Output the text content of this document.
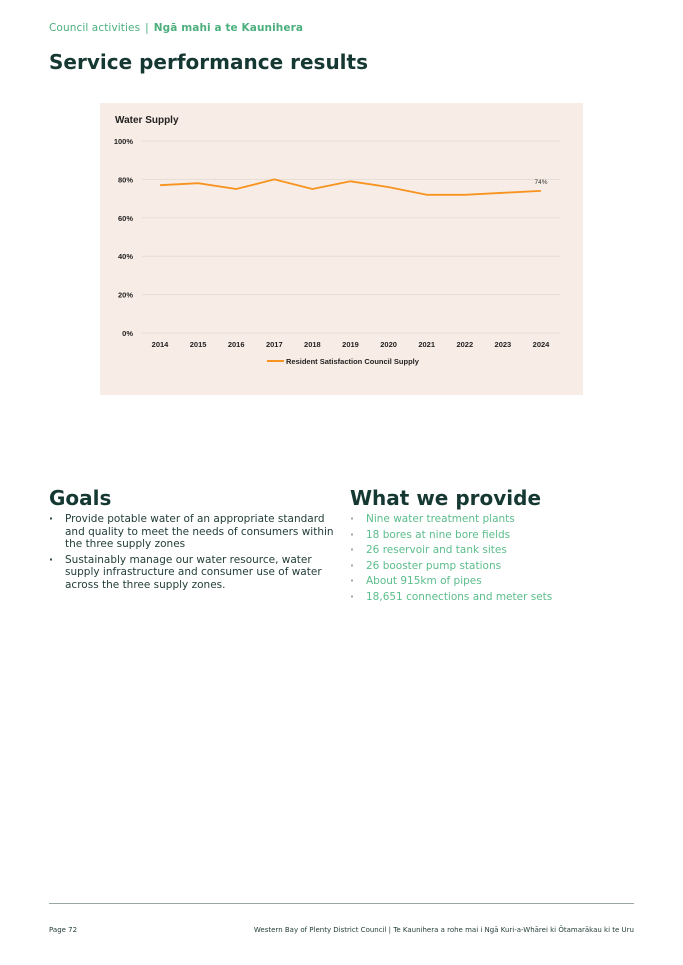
Council activities | Ngā mahi a te Kaunihera
Service performance results
Water Supply
0%
20%
40%
60%
80%
100%
2014	2015	2016	2017	2018	2019	2020	2021	2022	2023	2024
74%
Resident Satisfaction Council Supply
Goals
· Provide potable water of an appropriate standard and quality to meet the needs of consumers within the three supply zones
· Sustainably manage our water resource, water supply infrastructure and consumer use of water across the three supply zones.
What we provide
· Nine water treatment plants
· 18 bores at nine bore fields
· 26 reservoir and tank sites
· 26 booster pump stations
· About 915km of pipes
· 18,651 connections and meter sets
Page 72	Western Bay of Plenty District Council | Te Kaunihera a rohe mai i Ngā Kuri-a-Whārei ki Ōtamarākau ki te Uru
